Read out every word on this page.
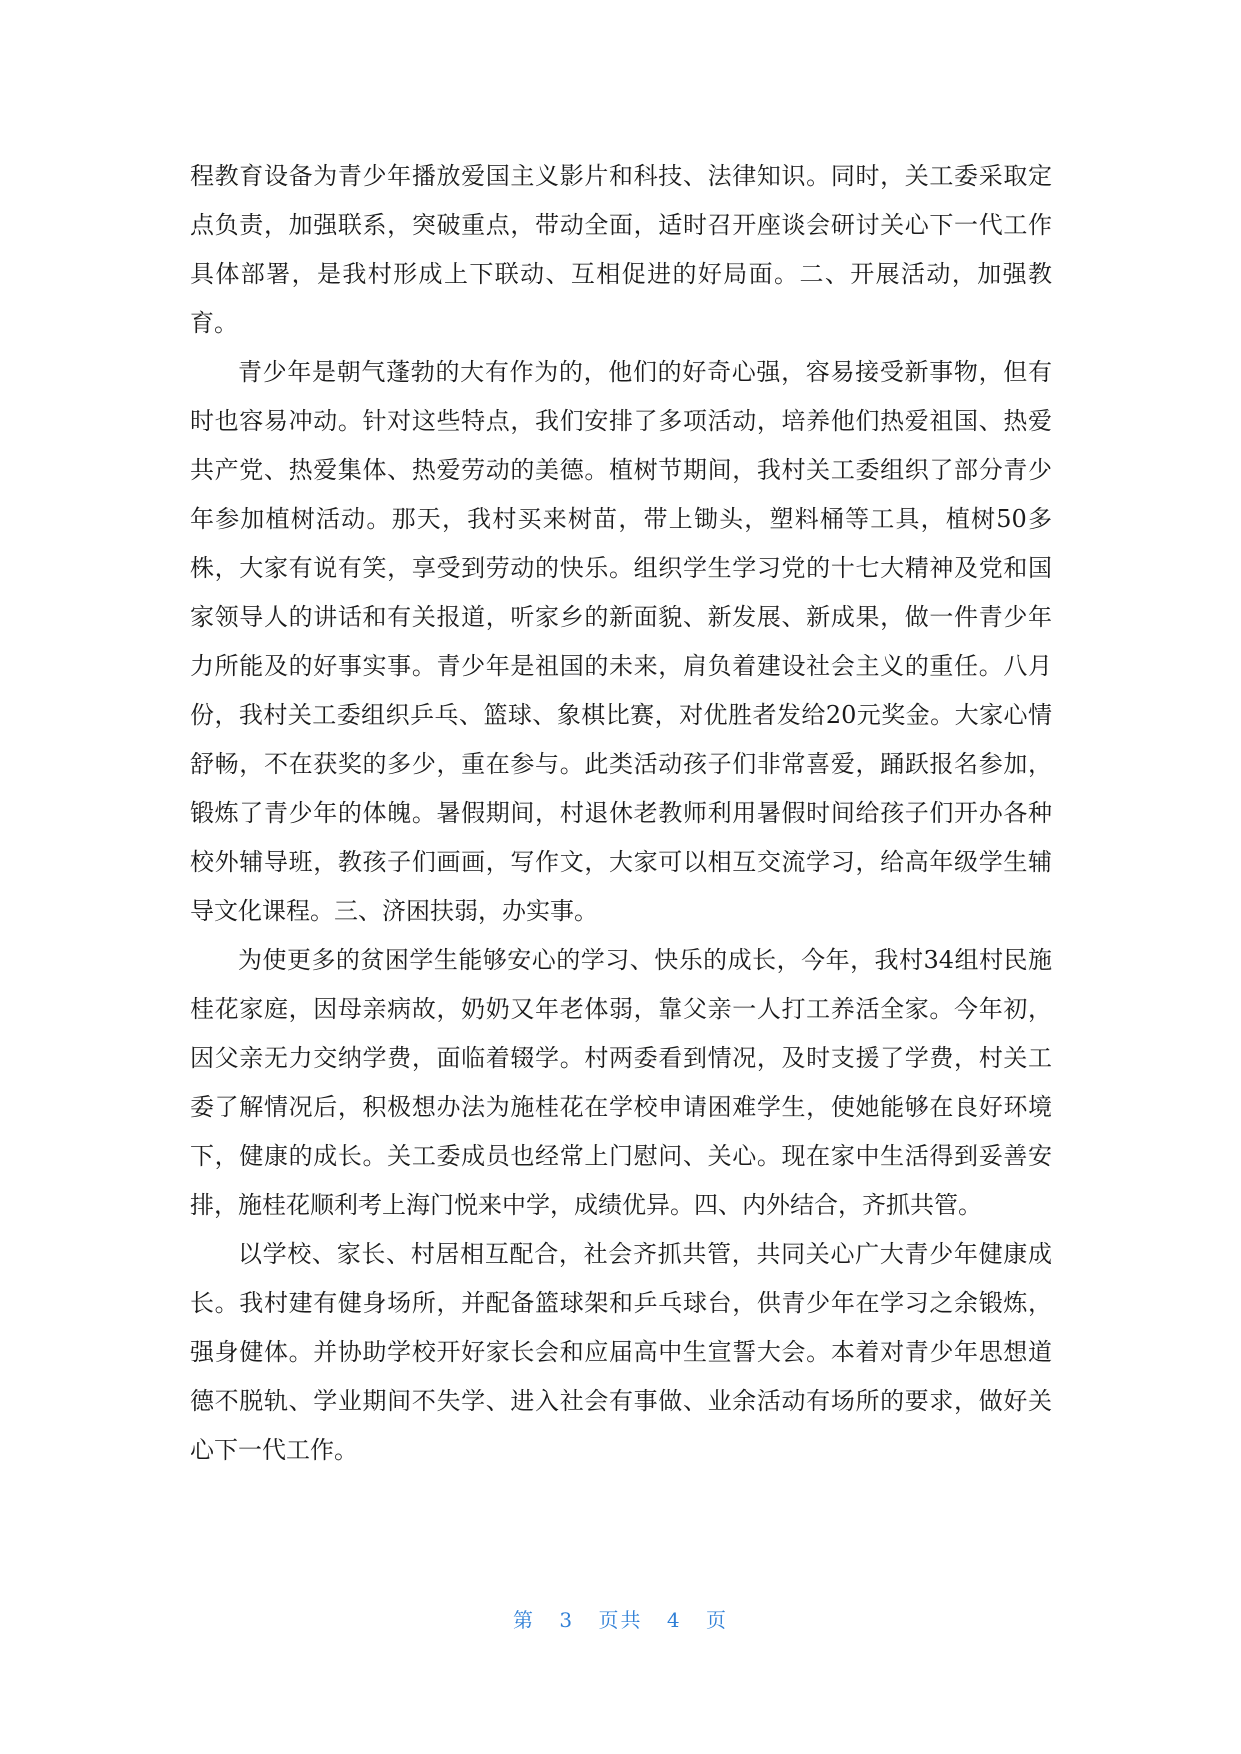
程教育设备为青少年播放爱国主义影片和科技、法律知识。同时，关工委采取定点负责，加强联系，突破重点，带动全面，适时召开座谈会研讨关心下一代工作具体部署，是我村形成上下联动、互相促进的好局面。二、开展活动，加强教育。

青少年是朝气蓬勃的大有作为的，他们的好奇心强，容易接受新事物，但有时也容易冲动。针对这些特点，我们安排了多项活动，培养他们热爱祖国、热爱共产党、热爱集体、热爱劳动的美德。植树节期间，我村关工委组织了部分青少年参加植树活动。那天，我村买来树苗，带上锄头，塑料桶等工具，植树50多株，大家有说有笑，享受到劳动的快乐。组织学生学习党的十七大精神及党和国家领导人的讲话和有关报道，听家乡的新面貌、新发展、新成果，做一件青少年力所能及的好事实事。青少年是祖国的未来，肩负着建设社会主义的重任。八月份，我村关工委组织乒乓、篮球、象棋比赛，对优胜者发给20元奖金。大家心情舒畅，不在获奖的多少，重在参与。此类活动孩子们非常喜爱，踊跃报名参加，锻炼了青少年的体魄。暑假期间，村退休老教师利用暑假时间给孩子们开办各种校外辅导班，教孩子们画画，写作文，大家可以相互交流学习，给高年级学生辅导文化课程。三、济困扶弱，办实事。

为使更多的贫困学生能够安心的学习、快乐的成长，今年，我村34组村民施桂花家庭，因母亲病故，奶奶又年老体弱，靠父亲一人打工养活全家。今年初，因父亲无力交纳学费，面临着辍学。村两委看到情况，及时支援了学费，村关工委了解情况后，积极想办法为施桂花在学校申请困难学生，使她能够在良好环境下，健康的成长。关工委成员也经常上门慰问、关心。现在家中生活得到妥善安排，施桂花顺利考上海门悦来中学，成绩优异。四、内外结合，齐抓共管。

以学校、家长、村居相互配合，社会齐抓共管，共同关心广大青少年健康成长。我村建有健身场所，并配备篮球架和乒乓球台，供青少年在学习之余锻炼，强身健体。并协助学校开好家长会和应届高中生宣誓大会。本着对青少年思想道德不脱轨、学业期间不失学、进入社会有事做、业余活动有场所的要求，做好关心下一代工作。

第 3 页共 4 页
